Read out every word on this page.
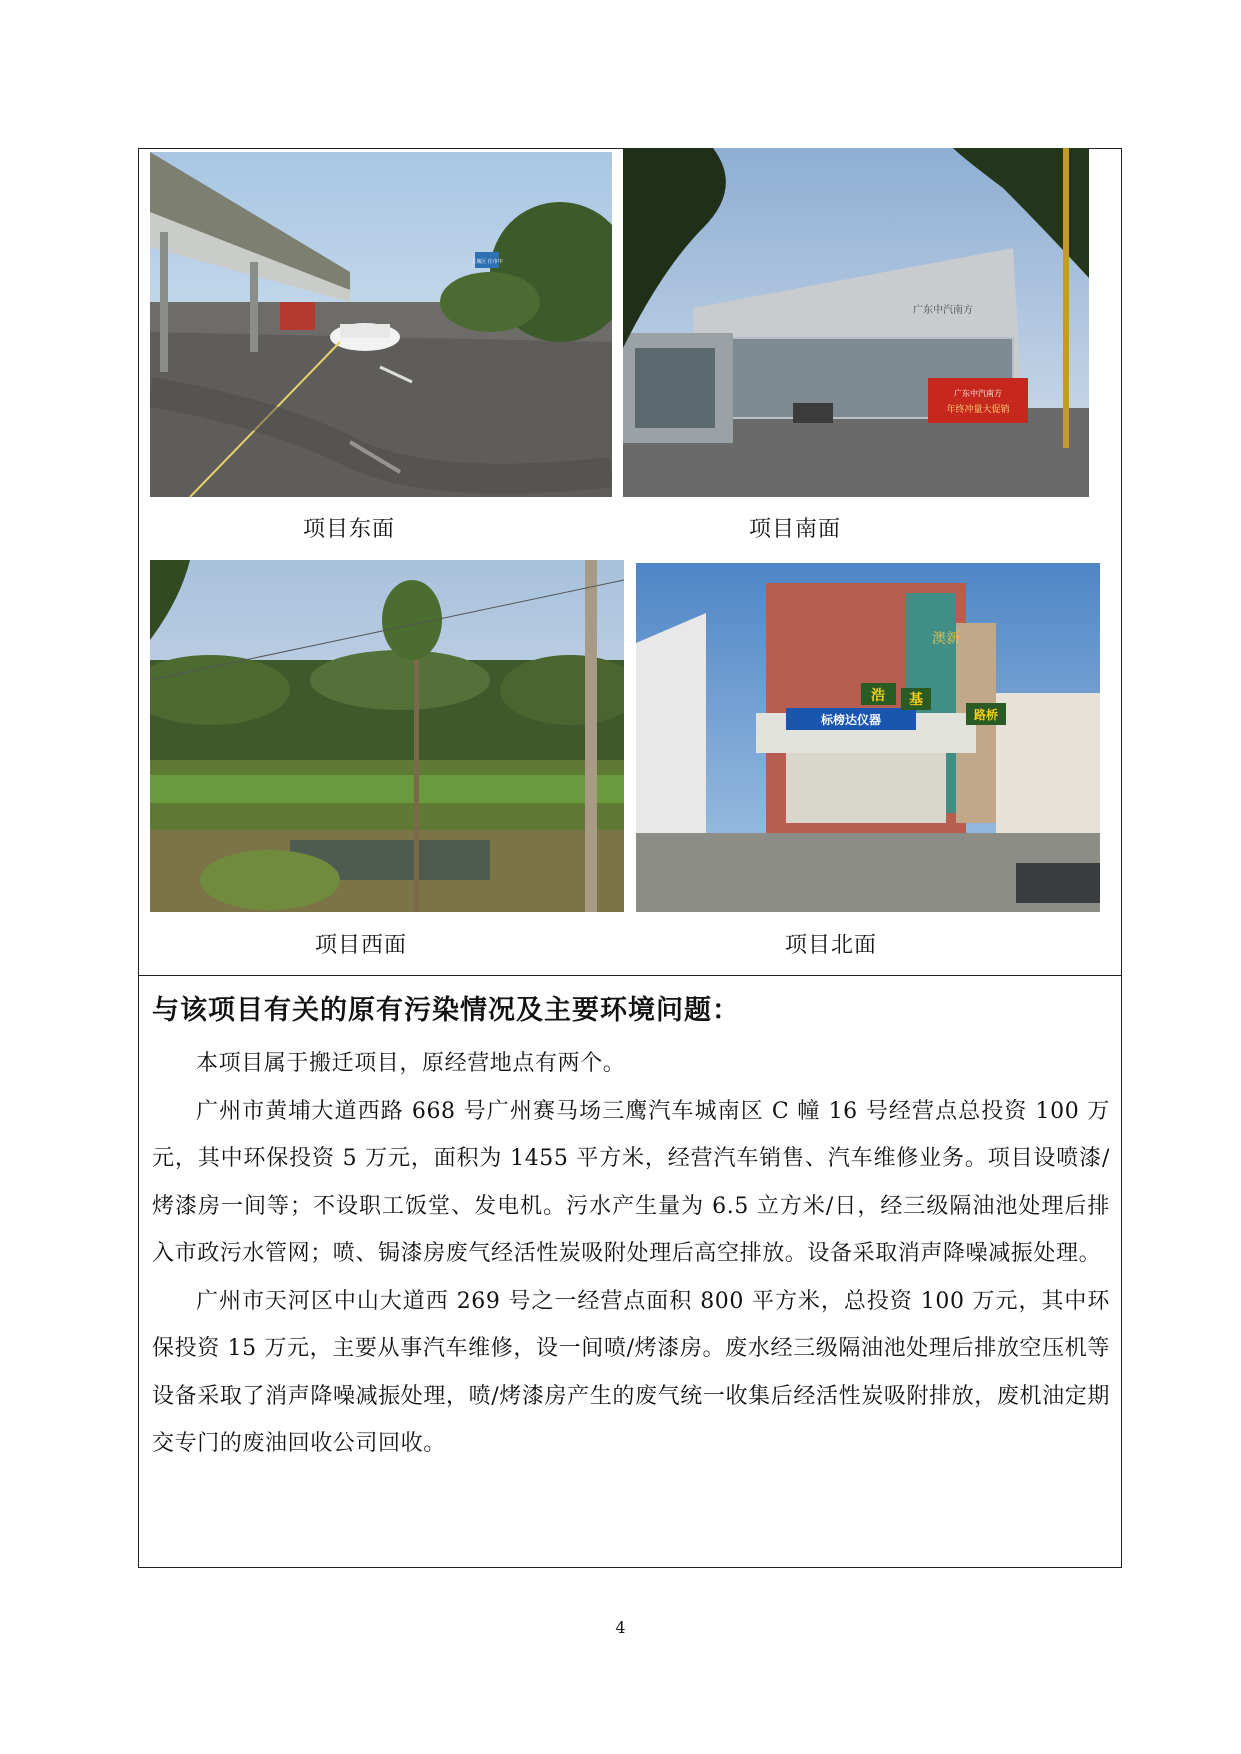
主城区 往市中
项目东面
广东中汽南方
广东中汽南方
年终冲量大促销
项目南面
项目西面
标榜达仪器
浩 基
路桥
澳新
项目北面
与该项目有关的原有污染情况及主要环境问题：

本项目属于搬迁项目，原经营地点有两个。

广州市黄埔大道西路 668 号广州赛马场三鹰汽车城南区 C 幢 16 号经营点总投资 100 万元，其中环保投资 5 万元，面积为 1455 平方米，经营汽车销售、汽车维修业务。项目设喷漆/烤漆房一间等；不设职工饭堂、发电机。污水产生量为 6.5 立方米/日，经三级隔油池处理后排入市政污水管网；喷、锔漆房废气经活性炭吸附处理后高空排放。设备采取消声降噪减振处理。

广州市天河区中山大道西 269 号之一经营点面积 800 平方米，总投资 100 万元，其中环保投资 15 万元，主要从事汽车维修，设一间喷/烤漆房。废水经三级隔油池处理后排放空压机等设备采取了消声降噪减振处理，喷/烤漆房产生的废气统一收集后经活性炭吸附排放，废机油定期交专门的废油回收公司回收。

4
